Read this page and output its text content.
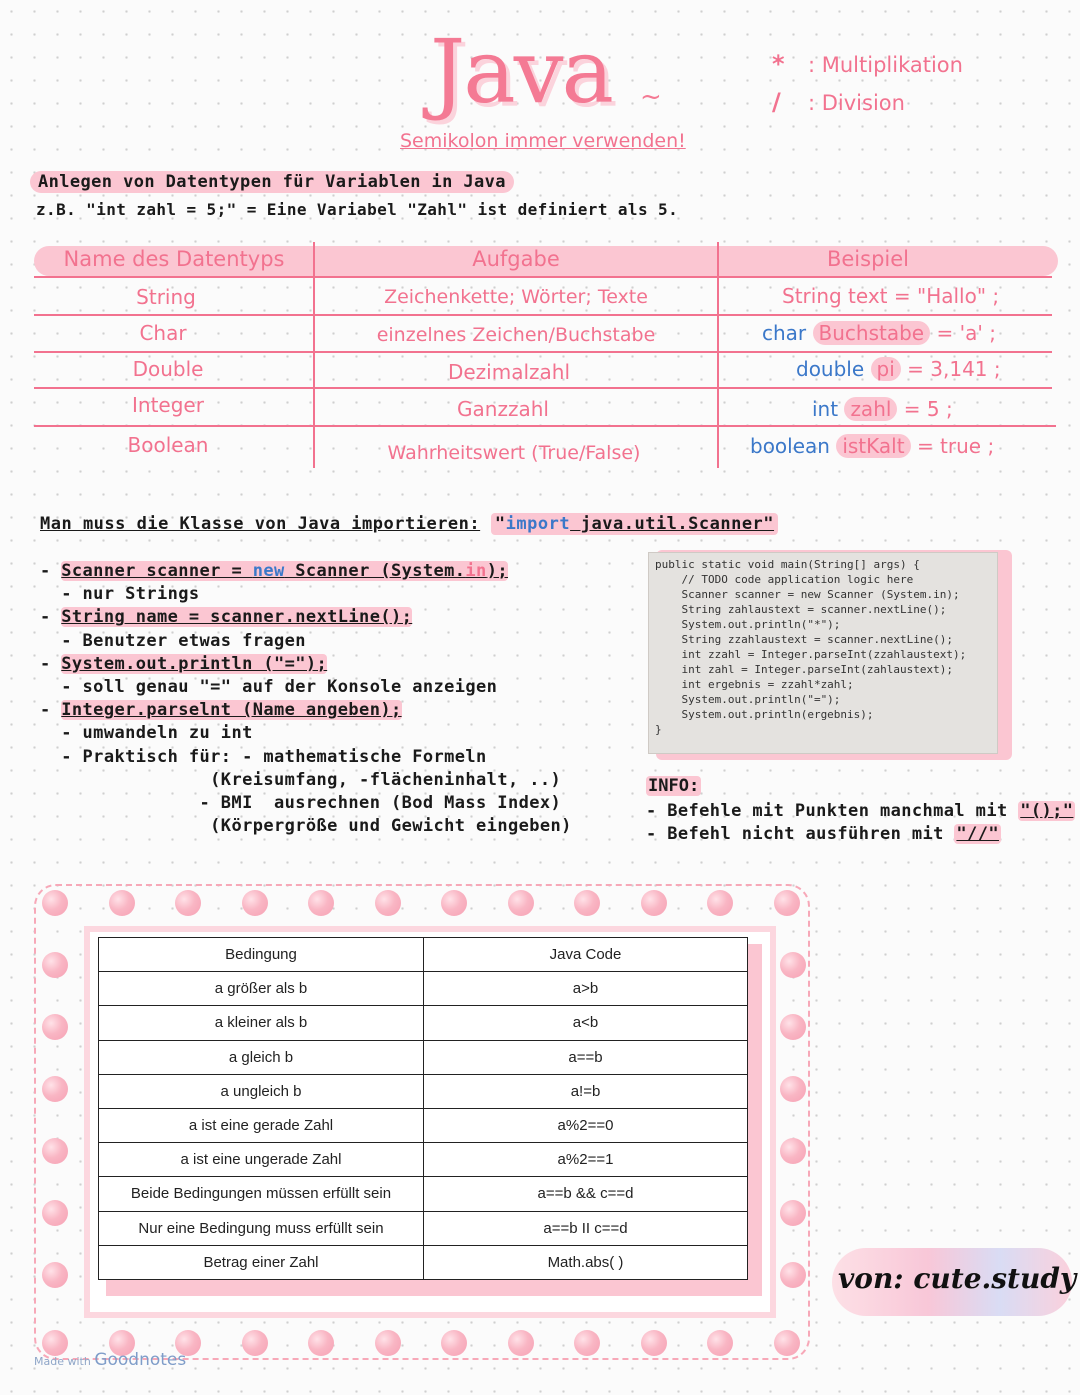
Java ~
Semikolon immer verwenden!
* : Multiplikation
/ : Division
Anlegen von Datentypen für Variablen in Java
z.B. "int zahl = 5;" = Eine Variabel "Zahl" ist definiert als 5.
Name des Datentyps	Aufgabe	Beispiel
String	Zeichenkette; Wörter; Texte	String text = "Hallo" ;
Char	einzelnes Zeichen/Buchstabe	char Buchstabe = 'a' ;
Double	Dezimalzahl	double pi = 3,141 ;
Integer	Ganzzahl	int zahl = 5 ;
Boolean	Wahrheitswert (True/False)	boolean istKalt = true ;
Man muss die Klasse von Java importieren: "import java.util.Scanner"
- Scanner scanner = new Scanner (System.in);
- nur Strings
- String name = scanner.nextLine();
- Benutzer etwas fragen
- System.out.println ("=");
- soll genau "=" auf der Konsole anzeigen
- Integer.parselnt (Name angeben);
- umwandeln zu int
- Praktisch für: - mathematische Formeln
(Kreisumfang, -flächeninhalt, ..)
- BMI  ausrechnen (Bod Mass Index)
(Körpergröße und Gewicht eingeben)
public static void main(String[] args) {
// TODO code application logic here
Scanner scanner = new Scanner (System.in);
String zahlaustext = scanner.nextLine();
System.out.println("*");
String zzahlaustext = scanner.nextLine();
int zzahl = Integer.parseInt(zzahlaustext);
int zahl = Integer.parseInt(zahlaustext);
int ergebnis = zzahl*zahl;
System.out.println("=");
System.out.println(ergebnis);
}
INFO:
- Befehle mit Punkten manchmal mit "();"
- Befehl nicht ausführen mit "//"
Bedingung	Java Code
a größer als b	a>b
a kleiner als b	a<b
a gleich b	a==b
a ungleich b	a!=b
a ist eine gerade Zahl	a%2==0
a ist eine ungerade Zahl	a%2==1
Beide Bedingungen müssen erfüllt sein	a==b && c==d
Nur eine Bedingung muss erfüllt sein	a==b II c==d
Betrag einer Zahl	Math.abs( )	von: cute.study
Made with Goodnotes
